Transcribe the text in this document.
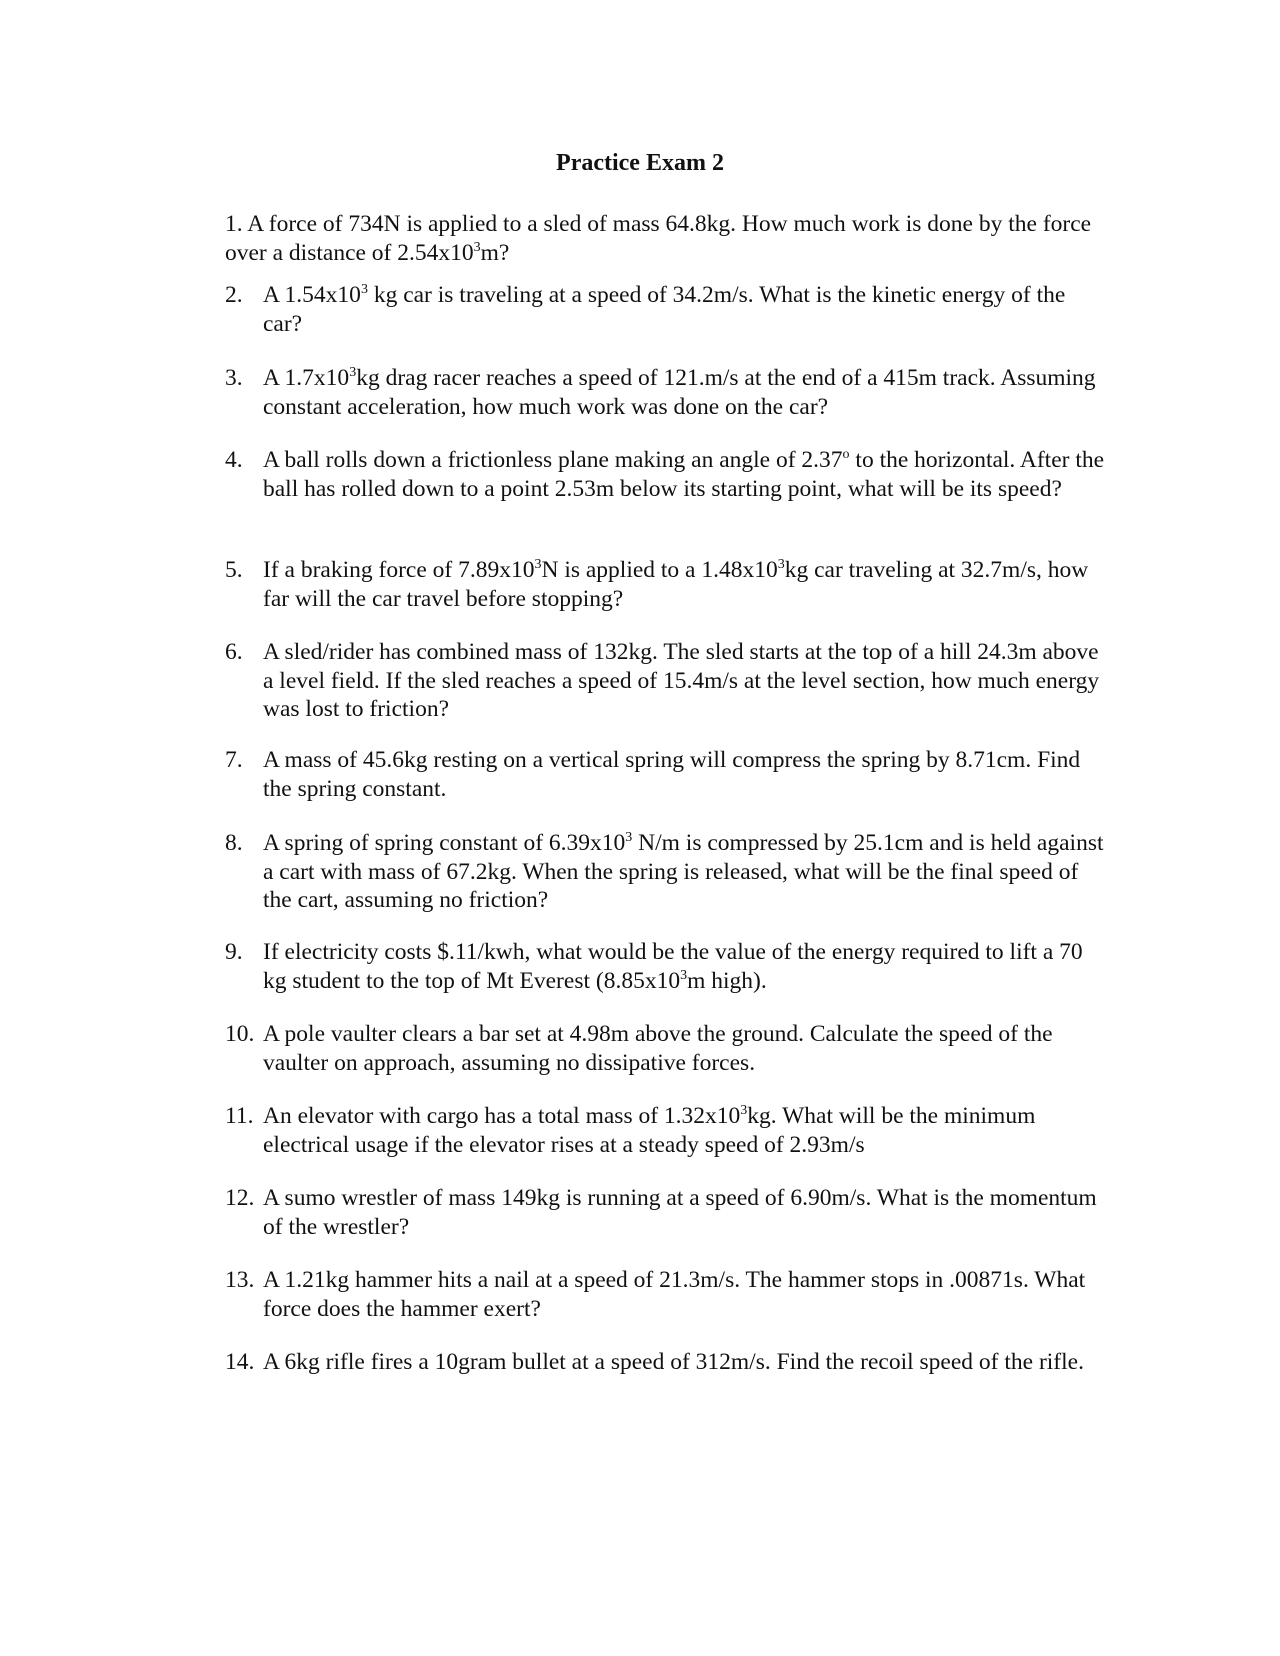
Practice Exam 2
1. A force of 734N is applied to a sled of mass 64.8kg. How much work is done by the force over a distance of $2.54x10^3m$?
2. A $1.54x10^3$ kg car is traveling at a speed of 34.2m/s. What is the kinetic energy of the car?
3. A $1.7x10^3kg$ drag racer reaches a speed of 121.m/s at the end of a 415m track. Assuming constant acceleration, how much work was done on the car?
4. A ball rolls down a frictionless plane making an angle of 2.37$^o$ to the horizontal. After the ball has rolled down to a point 2.53m below its starting point, what will be its speed?
5. If a braking force of $7.89x10^3N$ is applied to a $1.48x10^3kg$ car traveling at 32.7m/s, how far will the car travel before stopping?
6. A sled/rider has combined mass of 132kg. The sled starts at the top of a hill 24.3m above a level field. If the sled reaches a speed of 15.4m/s at the level section, how much energy was lost to friction?
7. A mass of 45.6kg resting on a vertical spring will compress the spring by 8.71cm. Find the spring constant.
8. A spring of spring constant of $6.39x10^3$ N/m is compressed by 25.1cm and is held against a cart with mass of 67.2kg. When the spring is released, what will be the final speed of the cart, assuming no friction?
9. If electricity costs $.11/kwh, what would be the value of the energy required to lift a 70 kg student to the top of Mt Everest ($8.85x10^3m$ high).
10. A pole vaulter clears a bar set at 4.98m above the ground. Calculate the speed of the vaulter on approach, assuming no dissipative forces.
11. An elevator with cargo has a total mass of $1.32x10^3kg$. What will be the minimum electrical usage if the elevator rises at a steady speed of 2.93m/s
12. A sumo wrestler of mass 149kg is running at a speed of 6.90m/s. What is the momentum of the wrestler?
13. A 1.21kg hammer hits a nail at a speed of 21.3m/s. The hammer stops in .00871s. What force does the hammer exert?
14. A 6kg rifle fires a 10gram bullet at a speed of 312m/s. Find the recoil speed of the rifle.
